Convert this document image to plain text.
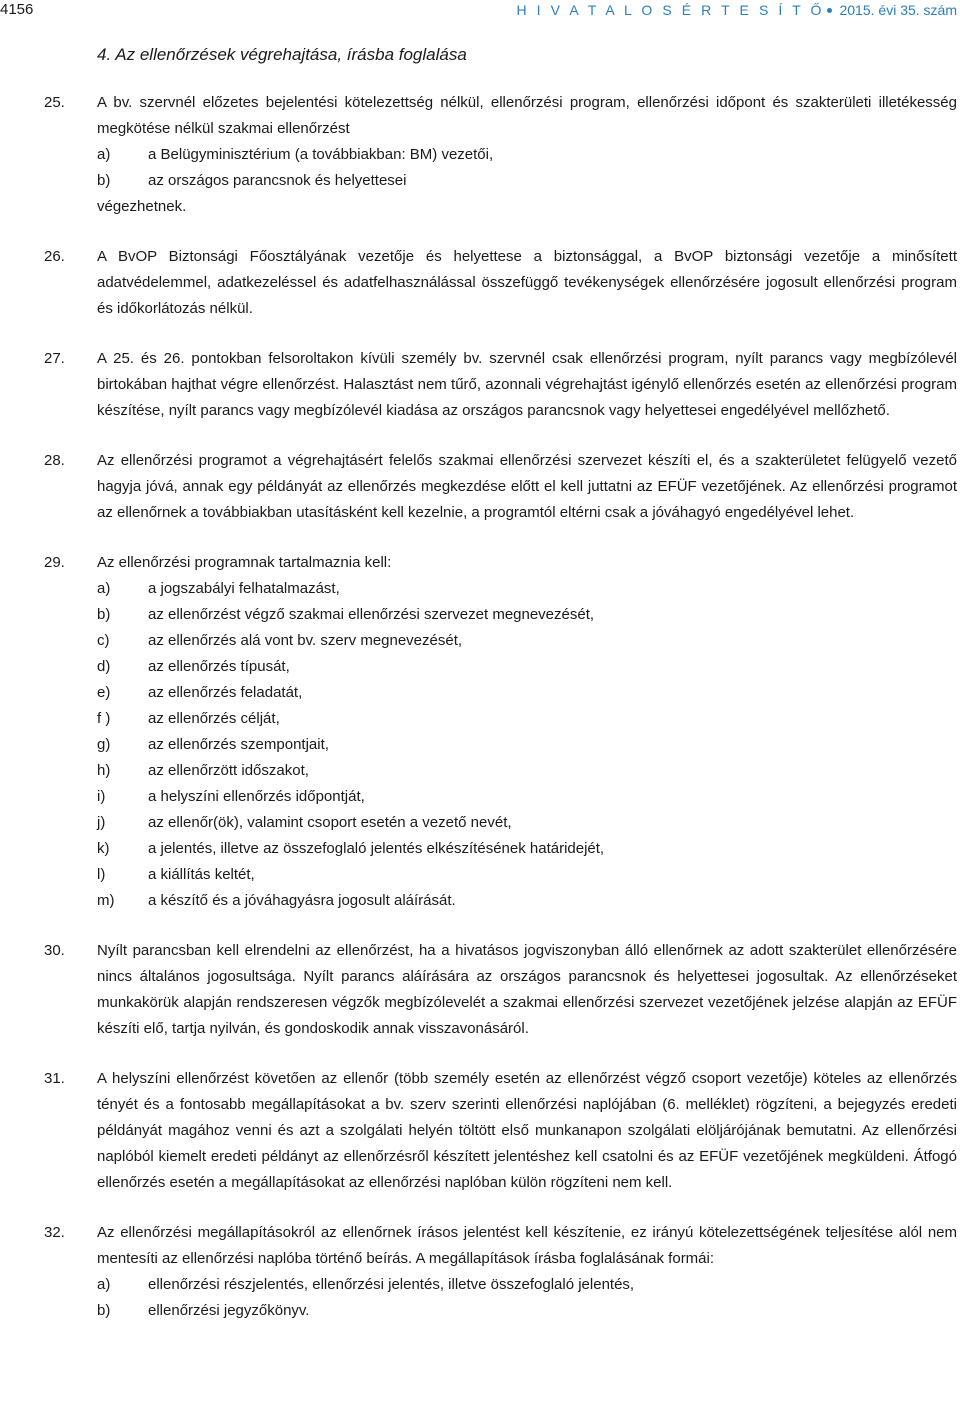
4156	H I V A T A L O S É R T E S Í T Ő 2015. évi 35. szám
4. Az ellenőrzések végrehajtása, írásba foglalása
25. A bv. szervnél előzetes bejelentési kötelezettség nélkül, ellenőrzési program, ellenőrzési időpont és szakterületi illetékesség megkötése nélkül szakmai ellenőrzést

a)	a Belügyminisztérium (a továbbiakban: BM) vezetői,
b)	az országos parancsnok és helyettesei

végezhetnek.

26. A BvOP Biztonsági Főosztályának vezetője és helyettese a biztonsággal, a BvOP biztonsági vezetője a minősített adatvédelemmel, adatkezeléssel és adatfelhasználással összefüggő tevékenységek ellenőrzésére jogosult ellenőrzési program és időkorlátozás nélkül.

27. A 25. és 26. pontokban felsoroltakon kívüli személy bv. szervnél csak ellenőrzési program, nyílt parancs vagy megbízólevél birtokában hajthat végre ellenőrzést. Halasztást nem tűrő, azonnali végrehajtást igénylő ellenőrzés esetén az ellenőrzési program készítése, nyílt parancs vagy megbízólevél kiadása az országos parancsnok vagy helyettesei engedélyével mellőzhető.

28. Az ellenőrzési programot a végrehajtásért felelős szakmai ellenőrzési szervezet készíti el, és a szakterületet felügyelő vezető hagyja jóvá, annak egy példányát az ellenőrzés megkezdése előtt el kell juttatni az EFÜF vezetőjének. Az ellenőrzési programot az ellenőrnek a továbbiakban utasításként kell kezelnie, a programtól eltérni csak a jóváhagyó engedélyével lehet.

29. Az ellenőrzési programnak tartalmaznia kell:

a)	a jogszabályi felhatalmazást,
b)	az ellenőrzést végző szakmai ellenőrzési szervezet megnevezését,
c)	az ellenőrzés alá vont bv. szerv megnevezését,
d)	az ellenőrzés típusát,
e)	az ellenőrzés feladatát,
f )	az ellenőrzés célját,
g)	az ellenőrzés szempontjait,
h)	az ellenőrzött időszakot,
i)	a helyszíni ellenőrzés időpontját,
j)	az ellenőr(ök), valamint csoport esetén a vezető nevét,
k)	a jelentés, illetve az összefoglaló jelentés elkészítésének határidejét,
l)	a kiállítás keltét,
m) a készítő és a jóváhagyásra jogosult aláírását.
30. Nyílt parancsban kell elrendelni az ellenőrzést, ha a hivatásos jogviszonyban álló ellenőrnek az adott szakterület ellenőrzésére nincs általános jogosultsága. Nyílt parancs aláírására az országos parancsnok és helyettesei jogosultak. Az ellenőrzéseket munkakörük alapján rendszeresen végzők megbízólevelét a szakmai ellenőrzési szervezet vezetőjének jelzése alapján az EFÜF készíti elő, tartja nyilván, és gondoskodik annak visszavonásáról.

31. A helyszíni ellenőrzést követően az ellenőr (több személy esetén az ellenőrzést végző csoport vezetője) köteles az ellenőrzés tényét és a fontosabb megállapításokat a bv. szerv szerinti ellenőrzési naplójában (6. melléklet) rögzíteni, a bejegyzés eredeti példányát magához venni és azt a szolgálati helyén töltött első munkanapon szolgálati elöljárójának bemutatni. Az ellenőrzési naplóból kiemelt eredeti példányt az ellenőrzésről készített jelentéshez kell csatolni és az EFÜF vezetőjének megküldeni. Átfogó ellenőrzés esetén a megállapításokat az ellenőrzési naplóban külön rögzíteni nem kell.

32. Az ellenőrzési megállapításokról az ellenőrnek írásos jelentést kell készítenie, ez irányú kötelezettségének teljesítése alól nem mentesíti az ellenőrzési naplóba történő beírás. A megállapítások írásba foglalásának formái:

a)	ellenőrzési részjelentés, ellenőrzési jelentés, illetve összefoglaló jelentés,
b)	ellenőrzési jegyzőkönyv.
